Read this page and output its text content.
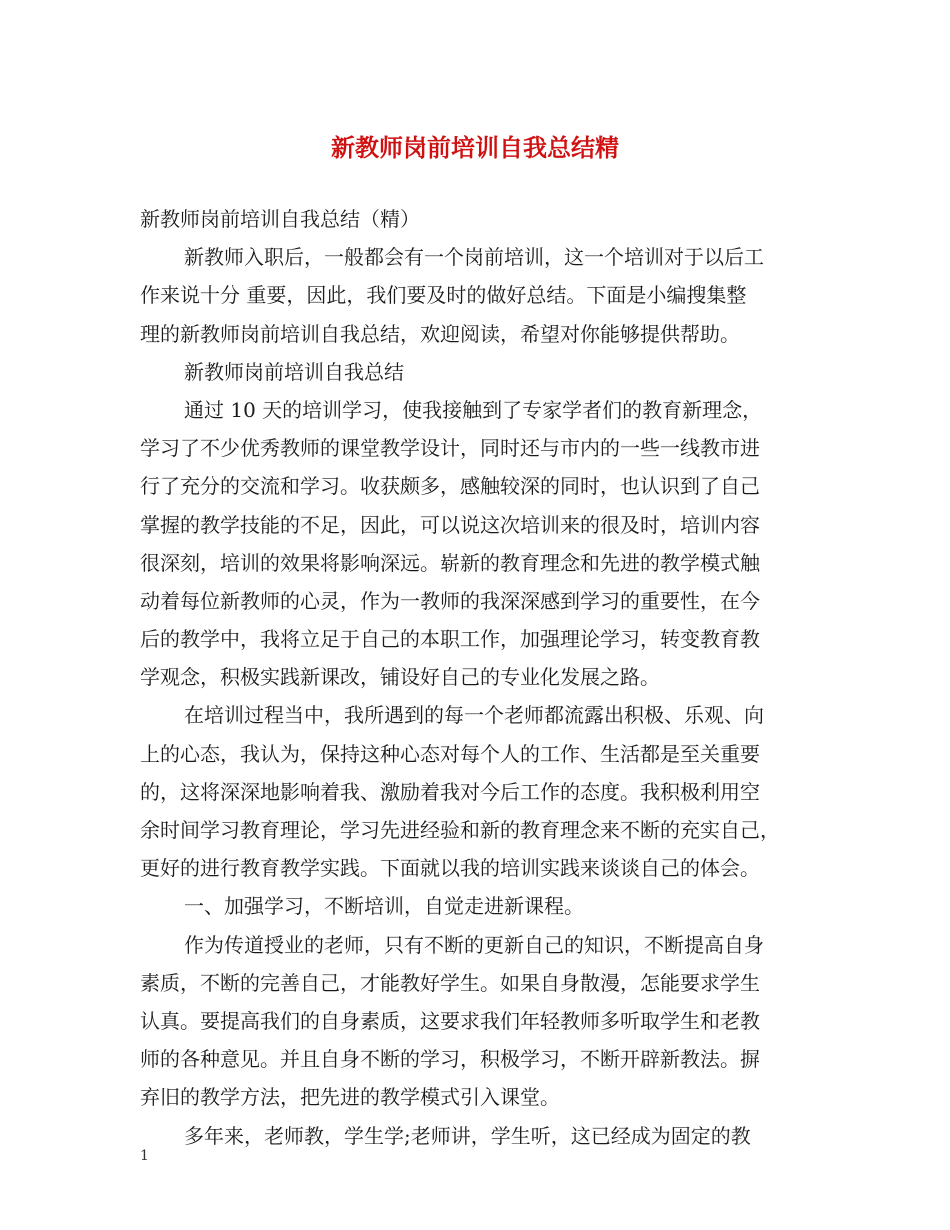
新教师岗前培训自我总结精
新教师岗前培训自我总结（精）
新教师入职后，一般都会有一个岗前培训，这一个培训对于以后工
作来说十分 重要，因此，我们要及时的做好总结。下面是小编搜集整
理的新教师岗前培训自我总结，欢迎阅读，希望对你能够提供帮助。
新教师岗前培训自我总结
通过 10 天的培训学习，使我接触到了专家学者们的教育新理念，
学习了不少优秀教师的课堂教学设计，同时还与市内的一些一线教市进
行了充分的交流和学习。收获颇多，感触较深的同时，也认识到了自己
掌握的教学技能的不足，因此，可以说这次培训来的很及时，培训内容
很深刻，培训的效果将影响深远。崭新的教育理念和先进的教学模式触
动着每位新教师的心灵，作为一教师的我深深感到学习的重要性，在今
后的教学中，我将立足于自己的本职工作，加强理论学习，转变教育教
学观念，积极实践新课改，铺设好自己的专业化发展之路。
在培训过程当中，我所遇到的每一个老师都流露出积极、乐观、向
上的心态，我认为，保持这种心态对每个人的工作、生活都是至关重要
的，这将深深地影响着我、激励着我对今后工作的态度。我积极利用空
余时间学习教育理论，学习先进经验和新的教育理念来不断的充实自己，
更好的进行教育教学实践。下面就以我的培训实践来谈谈自己的体会。
一、加强学习，不断培训，自觉走进新课程。
作为传道授业的老师，只有不断的更新自己的知识，不断提高自身
素质，不断的完善自己，才能教好学生。如果自身散漫，怎能要求学生
认真。要提高我们的自身素质，这要求我们年轻教师多听取学生和老教
师的各种意见。并且自身不断的学习，积极学习，不断开辟新教法。摒
弃旧的教学方法，把先进的教学模式引入课堂。
多年来，老师教，学生学;老师讲，学生听，这已经成为固定的教
1
